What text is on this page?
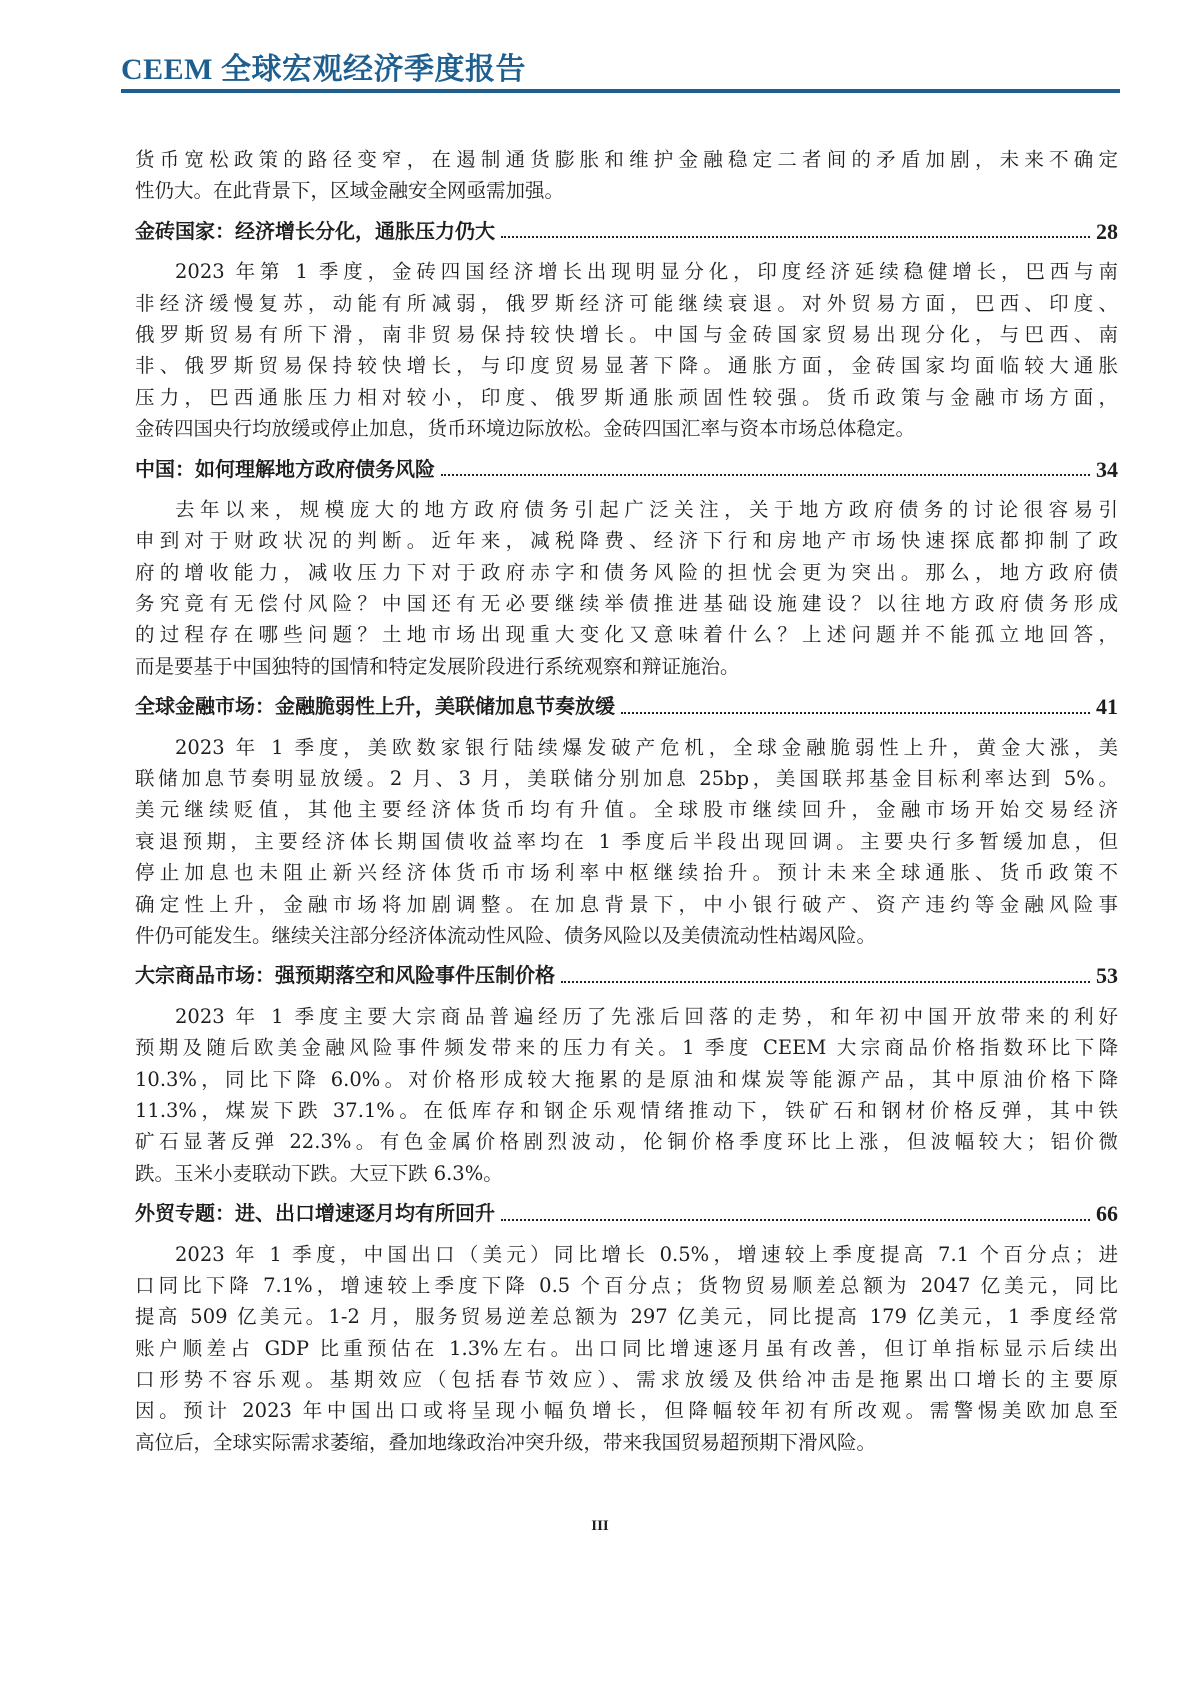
CEEM 全球宏观经济季度报告
货币宽松政策的路径变窄，在遏制通货膨胀和维护金融稳定二者间的矛盾加剧，未来不确定
性仍大。在此背景下，区域金融安全网亟需加强。
金砖国家：经济增长分化，通胀压力仍大	28
2023 年第 1 季度，金砖四国经济增长出现明显分化，印度经济延续稳健增长，巴西与南
非经济缓慢复苏，动能有所减弱，俄罗斯经济可能继续衰退。对外贸易方面，巴西、印度、
俄罗斯贸易有所下滑，南非贸易保持较快增长。中国与金砖国家贸易出现分化，与巴西、南
非、俄罗斯贸易保持较快增长，与印度贸易显著下降。通胀方面，金砖国家均面临较大通胀
压力，巴西通胀压力相对较小，印度、俄罗斯通胀顽固性较强。货币政策与金融市场方面，
金砖四国央行均放缓或停止加息，货币环境边际放松。金砖四国汇率与资本市场总体稳定。
中国：如何理解地方政府债务风险	34
去年以来，规模庞大的地方政府债务引起广泛关注，关于地方政府债务的讨论很容易引
申到对于财政状况的判断。近年来，减税降费、经济下行和房地产市场快速探底都抑制了政
府的增收能力，减收压力下对于政府赤字和债务风险的担忧会更为突出。那么，地方政府债
务究竟有无偿付风险？中国还有无必要继续举债推进基础设施建设？以往地方政府债务形成
的过程存在哪些问题？土地市场出现重大变化又意味着什么？上述问题并不能孤立地回答，
而是要基于中国独特的国情和特定发展阶段进行系统观察和辩证施治。
全球金融市场：金融脆弱性上升，美联储加息节奏放缓	41
2023 年 1 季度，美欧数家银行陆续爆发破产危机，全球金融脆弱性上升，黄金大涨，美
联储加息节奏明显放缓。2 月、3 月，美联储分别加息 25bp，美国联邦基金目标利率达到 5%。
美元继续贬值，其他主要经济体货币均有升值。全球股市继续回升，金融市场开始交易经济
衰退预期，主要经济体长期国债收益率均在 1 季度后半段出现回调。主要央行多暂缓加息，但
停止加息也未阻止新兴经济体货币市场利率中枢继续抬升。预计未来全球通胀、货币政策不
确定性上升，金融市场将加剧调整。在加息背景下，中小银行破产、资产违约等金融风险事
件仍可能发生。继续关注部分经济体流动性风险、债务风险以及美债流动性枯竭风险。
大宗商品市场：强预期落空和风险事件压制价格	53
2023 年 1 季度主要大宗商品普遍经历了先涨后回落的走势，和年初中国开放带来的利好
预期及随后欧美金融风险事件频发带来的压力有关。1 季度 CEEM 大宗商品价格指数环比下降
10.3%，同比下降 6.0%。对价格形成较大拖累的是原油和煤炭等能源产品，其中原油价格下降
11.3%，煤炭下跌 37.1%。在低库存和钢企乐观情绪推动下，铁矿石和钢材价格反弹，其中铁
矿石显著反弹 22.3%。有色金属价格剧烈波动，伦铜价格季度环比上涨，但波幅较大；铝价微
跌。玉米小麦联动下跌。大豆下跌 6.3%。
外贸专题：进、出口增速逐月均有所回升	66
2023 年 1 季度，中国出口（美元）同比增长 0.5%，增速较上季度提高 7.1 个百分点；进
口同比下降 7.1%，增速较上季度下降 0.5 个百分点；货物贸易顺差总额为 2047 亿美元，同比
提高 509 亿美元。1-2 月，服务贸易逆差总额为 297 亿美元，同比提高 179 亿美元，1 季度经常
账户顺差占 GDP 比重预估在 1.3%左右。出口同比增速逐月虽有改善，但订单指标显示后续出
口形势不容乐观。基期效应（包括春节效应）、需求放缓及供给冲击是拖累出口增长的主要原
因。预计 2023 年中国出口或将呈现小幅负增长，但降幅较年初有所改观。需警惕美欧加息至
高位后，全球实际需求萎缩，叠加地缘政治冲突升级，带来我国贸易超预期下滑风险。
III
